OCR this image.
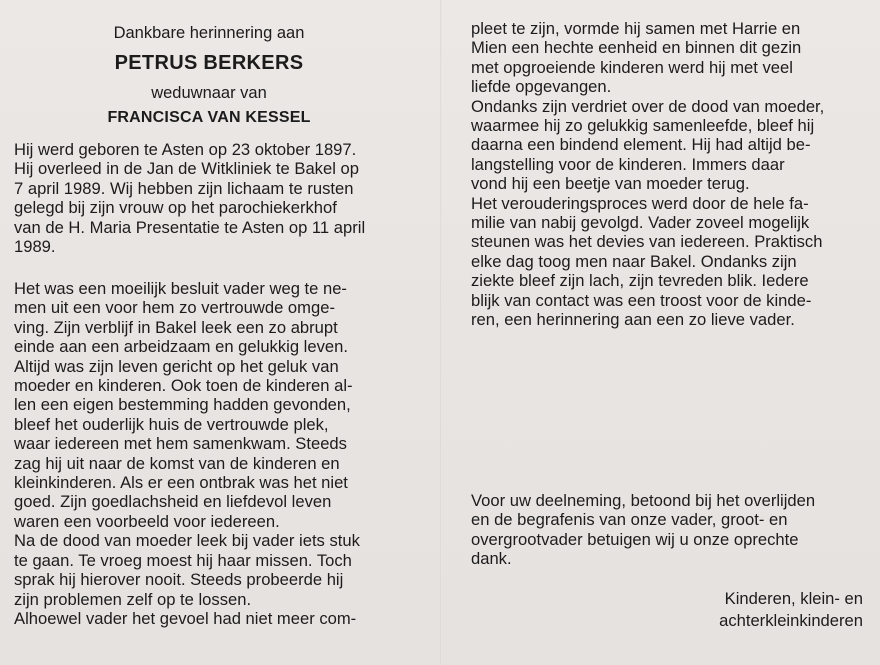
Dankbare herinnering aan
PETRUS BERKERS
weduwnaar van
FRANCISCA VAN KESSEL
Hij werd geboren te Asten op 23 oktober 1897.
Hij overleed in de Jan de Witkliniek te Bakel op
7 april 1989. Wij hebben zijn lichaam te rusten
gelegd bij zijn vrouw op het parochiekerkhof
van de H. Maria Presentatie te Asten op 11 april
1989.
Het was een moeilijk besluit vader weg te ne-
men uit een voor hem zo vertrouwde omge-
ving. Zijn verblijf in Bakel leek een zo abrupt
einde aan een arbeidzaam en gelukkig leven.
Altijd was zijn leven gericht op het geluk van
moeder en kinderen. Ook toen de kinderen al-
len een eigen bestemming hadden gevonden,
bleef het ouderlijk huis de vertrouwde plek,
waar iedereen met hem samenkwam. Steeds
zag hij uit naar de komst van de kinderen en
kleinkinderen. Als er een ontbrak was het niet
goed. Zijn goedlachsheid en liefdevol leven
waren een voorbeeld voor iedereen.
Na de dood van moeder leek bij vader iets stuk
te gaan. Te vroeg moest hij haar missen. Toch
sprak hij hierover nooit. Steeds probeerde hij
zijn problemen zelf op te lossen.
Alhoewel vader het gevoel had niet meer com-
pleet te zijn, vormde hij samen met Harrie en
Mien een hechte eenheid en binnen dit gezin
met opgroeiende kinderen werd hij met veel
liefde opgevangen.
Ondanks zijn verdriet over de dood van moeder,
waarmee hij zo gelukkig samenleefde, bleef hij
daarna een bindend element. Hij had altijd be-
langstelling voor de kinderen. Immers daar
vond hij een beetje van moeder terug.
Het verouderingsproces werd door de hele fa-
milie van nabij gevolgd. Vader zoveel mogelijk
steunen was het devies van iedereen. Praktisch
elke dag toog men naar Bakel. Ondanks zijn
ziekte bleef zijn lach, zijn tevreden blik. Iedere
blijk van contact was een troost voor de kinde-
ren, een herinnering aan een zo lieve vader.
Voor uw deelneming, betoond bij het overlijden
en de begrafenis van onze vader, groot- en
overgrootvader betuigen wij u onze oprechte
dank.
Kinderen, klein- en
achterkleinkinderen
